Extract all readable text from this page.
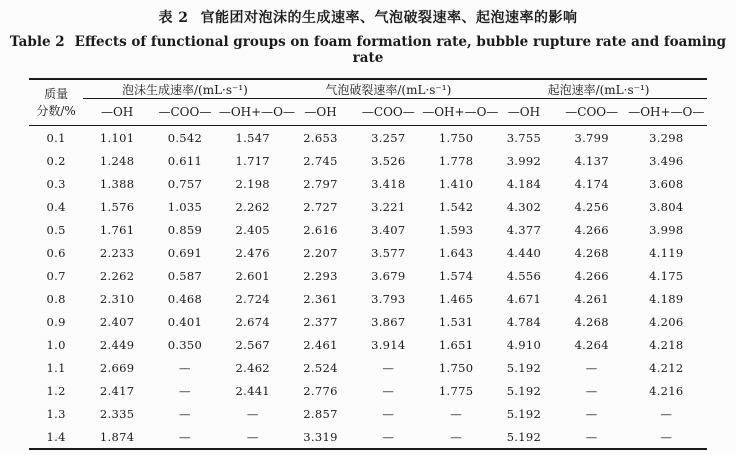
表 2 官能团对泡沫的生成速率、气泡破裂速率、起泡速率的影响
Table 2 Effects of functional groups on foam formation rate, bubble rupture rate and foaming rate
质量
分数/%	泡沫生成速率/(mL·s⁻¹)			气泡破裂速率/(mL·s⁻¹)			起泡速率/(mL·s⁻¹)		
	—OH	—COO—	—OH+—O—	—OH	—COO—	—OH+—O—	—OH	—COO—	—OH+—O—
0.1	1.101	0.542	1.547	2.653	3.257	1.750	3.755	3.799	3.298
0.2	1.248	0.611	1.717	2.745	3.526	1.778	3.992	4.137	3.496
0.3	1.388	0.757	2.198	2.797	3.418	1.410	4.184	4.174	3.608
0.4	1.576	1.035	2.262	2.727	3.221	1.542	4.302	4.256	3.804
0.5	1.761	0.859	2.405	2.616	3.407	1.593	4.377	4.266	3.998
0.6	2.233	0.691	2.476	2.207	3.577	1.643	4.440	4.268	4.119
0.7	2.262	0.587	2.601	2.293	3.679	1.574	4.556	4.266	4.175
0.8	2.310	0.468	2.724	2.361	3.793	1.465	4.671	4.261	4.189
0.9	2.407	0.401	2.674	2.377	3.867	1.531	4.784	4.268	4.206
1.0	2.449	0.350	2.567	2.461	3.914	1.651	4.910	4.264	4.218
1.1	2.669	—	2.462	2.524	—	1.750	5.192	—	4.212
1.2	2.417	—	2.441	2.776	—	1.775	5.192	—	4.216
1.3	2.335	—	—	2.857	—	—	5.192	—	—
1.4	1.874	—	—	3.319	—	—	5.192	—	—
